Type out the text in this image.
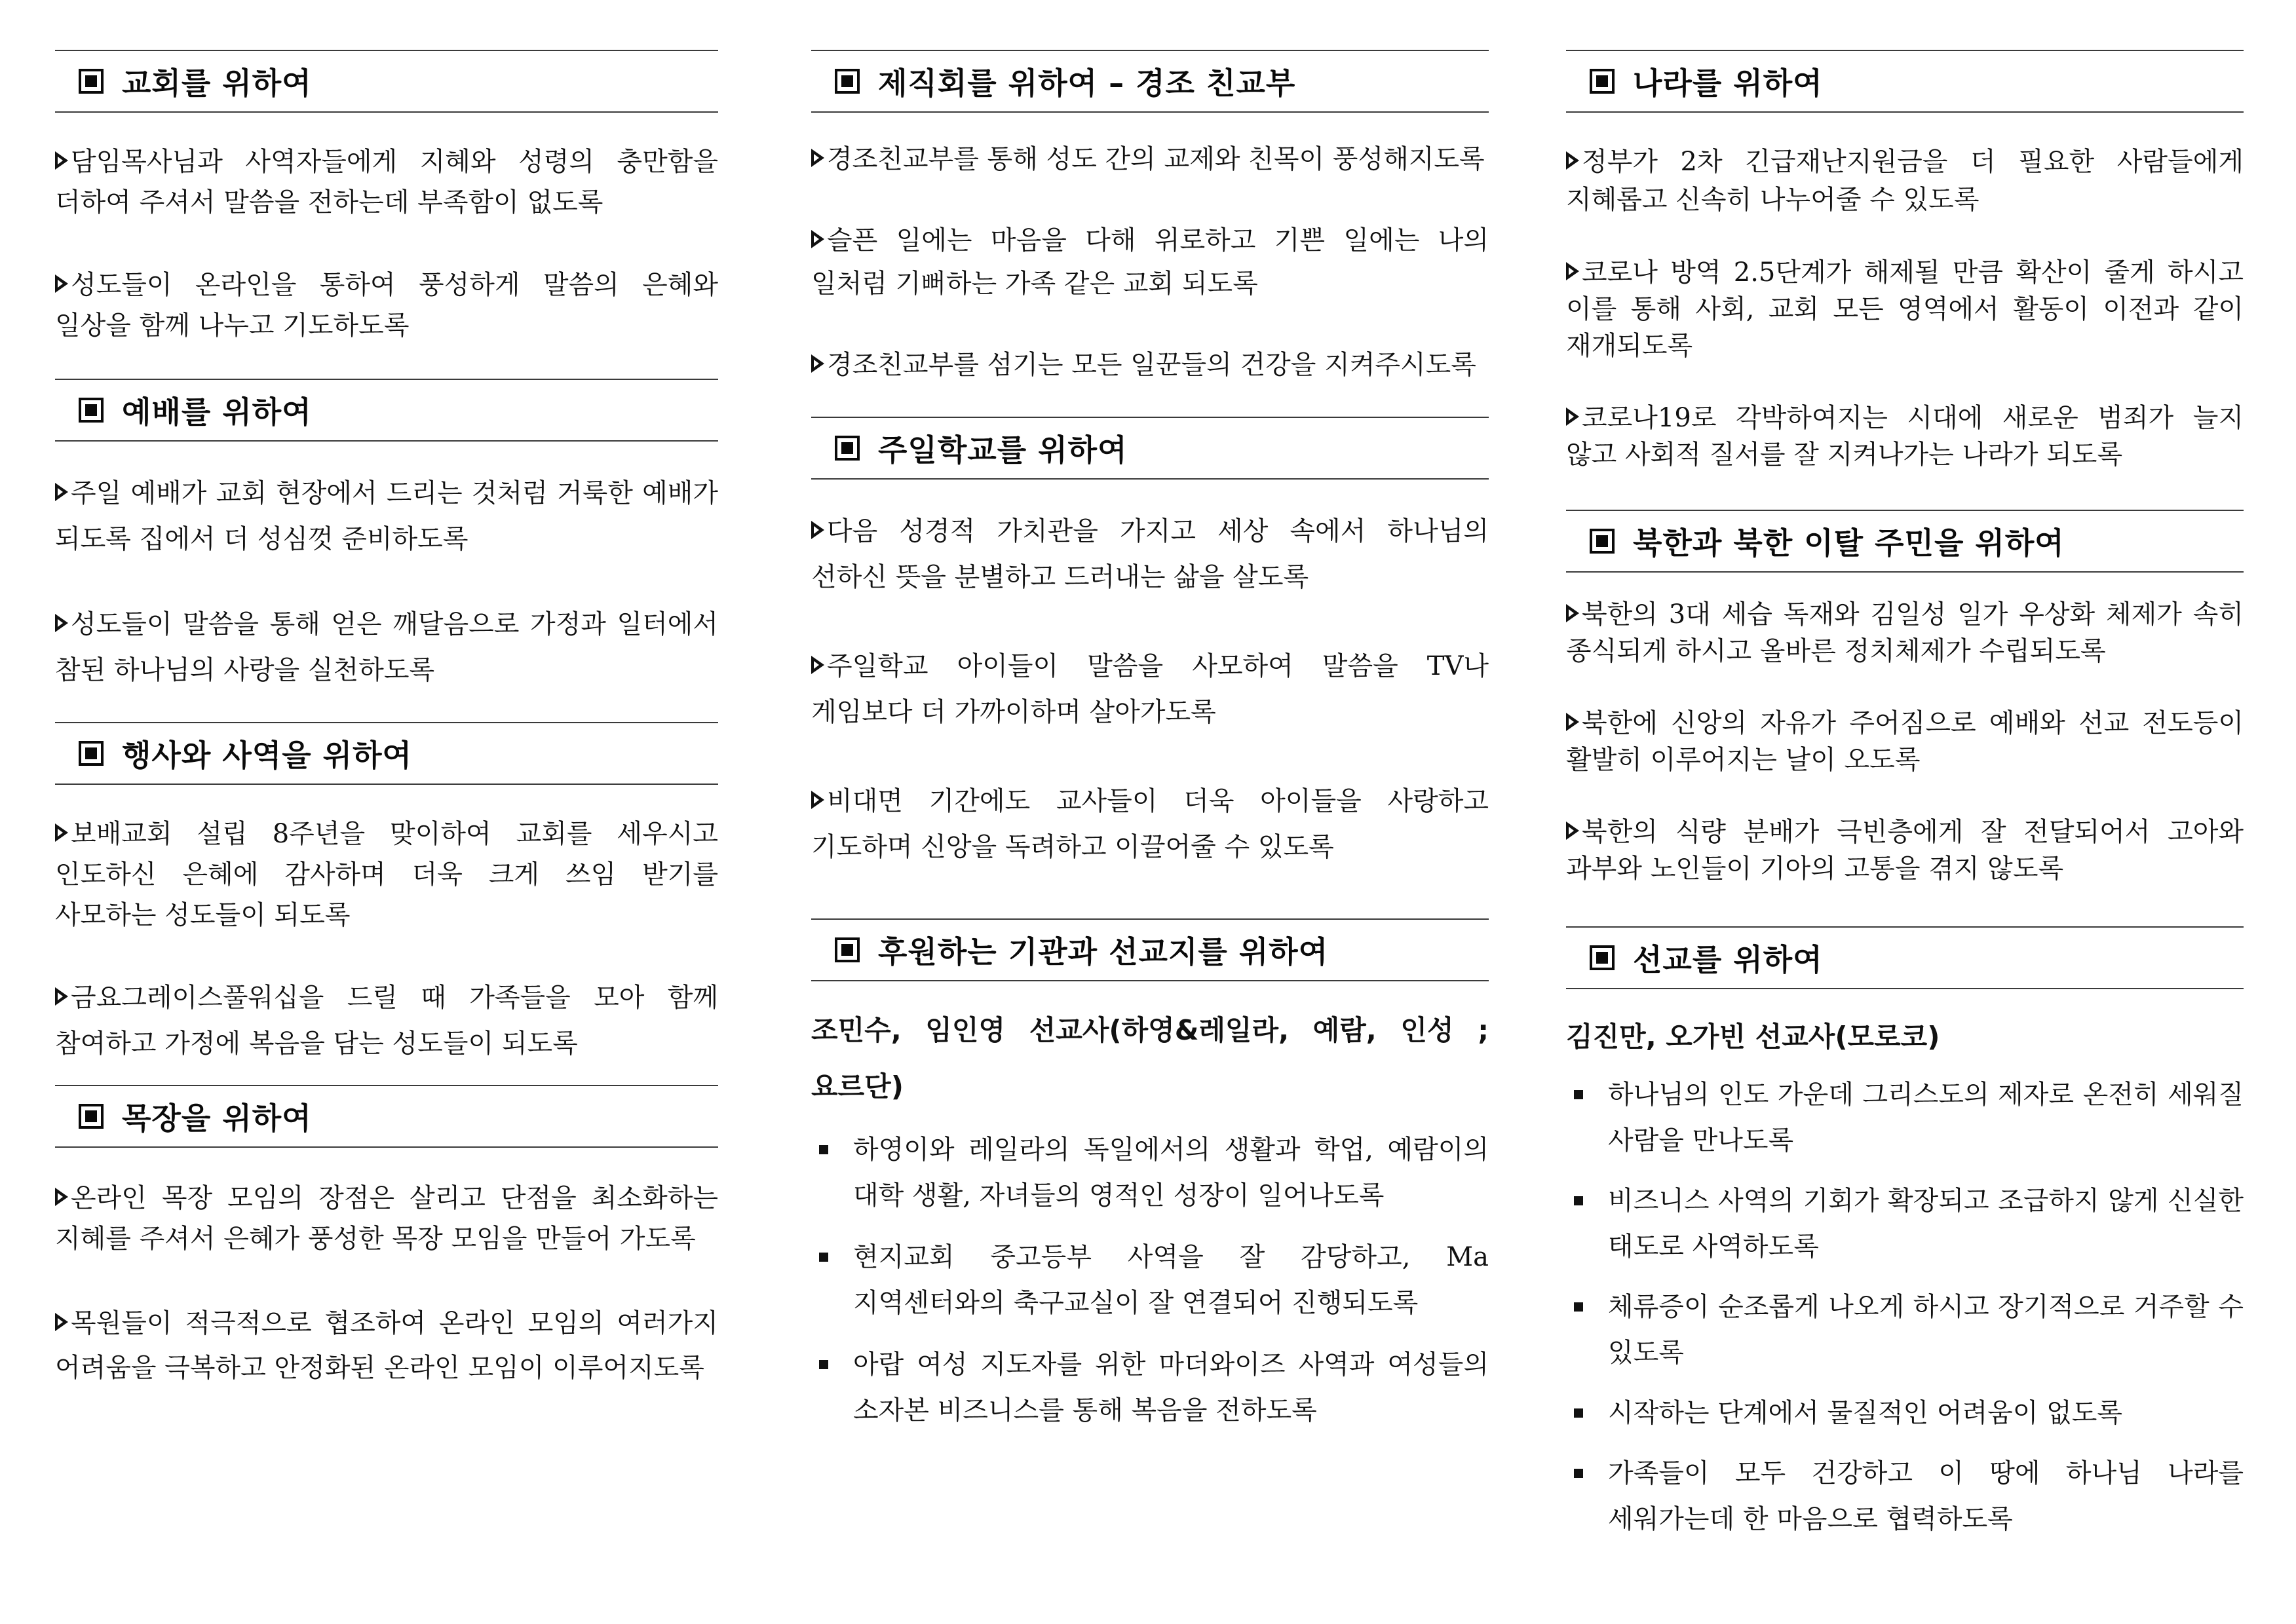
교회를 위하여
담임목사님과 사역자들에게 지혜와 성령의 충만함을 더하여 주셔서 말씀을 전하는데 부족함이 없도록
성도들이 온라인을 통하여 풍성하게 말씀의 은혜와 일상을 함께 나누고 기도하도록
예배를 위하여
주일 예배가 교회 현장에서 드리는 것처럼 거룩한 예배가 되도록 집에서 더 성심껏 준비하도록
성도들이 말씀을 통해 얻은 깨달음으로 가정과 일터에서 참된 하나님의 사랑을 실천하도록
행사와 사역을 위하여
보배교회 설립 8주년을 맞이하여 교회를 세우시고 인도하신 은혜에 감사하며 더욱 크게 쓰임 받기를 사모하는 성도들이 되도록
금요그레이스풀워십을 드릴 때 가족들을 모아 함께 참여하고 가정에 복음을 담는 성도들이 되도록
목장을 위하여
온라인 목장 모임의 장점은 살리고 단점을 최소화하는 지혜를 주셔서 은혜가 풍성한 목장 모임을 만들어 가도록
목원들이 적극적으로 협조하여 온라인 모임의 여러가지 어려움을 극복하고 안정화된 온라인 모임이 이루어지도록
제직회를 위하여 – 경조 친교부
경조친교부를 통해 성도 간의 교제와 친목이 풍성해지도록
슬픈 일에는 마음을 다해 위로하고 기쁜 일에는 나의 일처럼 기뻐하는 가족 같은 교회 되도록
경조친교부를 섬기는 모든 일꾼들의 건강을 지켜주시도록
주일학교를 위하여
다음 성경적 가치관을 가지고 세상 속에서 하나님의 선하신 뜻을 분별하고 드러내는 삶을 살도록
주일학교 아이들이 말씀을 사모하여 말씀을 TV나 게임보다 더 가까이하며 살아가도록
비대면 기간에도 교사들이 더욱 아이들을 사랑하고 기도하며 신앙을 독려하고 이끌어줄 수 있도록
후원하는 기관과 선교지를 위하여
조민수, 임인영 선교사(하영&레일라, 예람, 인성 ; 요르단)
하영이와 레일라의 독일에서의 생활과 학업, 예람이의 대학 생활, 자녀들의 영적인 성장이 일어나도록
현지교회 중고등부 사역을 잘 감당하고, Ma 지역센터와의 축구교실이 잘 연결되어 진행되도록
아랍 여성 지도자를 위한 마더와이즈 사역과 여성들의 소자본 비즈니스를 통해 복음을 전하도록
나라를 위하여
정부가 2차 긴급재난지원금을 더 필요한 사람들에게 지혜롭고 신속히 나누어줄 수 있도록
코로나 방역 2.5단계가 해제될 만큼 확산이 줄게 하시고 이를 통해 사회, 교회 모든 영역에서 활동이 이전과 같이 재개되도록
코로나19로 각박하여지는 시대에 새로운 범죄가 늘지 않고 사회적 질서를 잘 지켜나가는 나라가 되도록
북한과 북한 이탈 주민을 위하여
북한의 3대 세습 독재와 김일성 일가 우상화 체제가 속히 종식되게 하시고 올바른 정치체제가 수립되도록
북한에 신앙의 자유가 주어짐으로 예배와 선교 전도등이 활발히 이루어지는 날이 오도록
북한의 식량 분배가 극빈층에게 잘 전달되어서 고아와 과부와 노인들이 기아의 고통을 겪지 않도록
선교를 위하여
김진만, 오가빈 선교사(모로코)
하나님의 인도 가운데 그리스도의 제자로 온전히 세워질 사람을 만나도록
비즈니스 사역의 기회가 확장되고 조급하지 않게 신실한 태도로 사역하도록
체류증이 순조롭게 나오게 하시고 장기적으로 거주할 수 있도록
시작하는 단계에서 물질적인 어려움이 없도록
가족들이 모두 건강하고 이 땅에 하나님 나라를 세워가는데 한 마음으로 협력하도록
